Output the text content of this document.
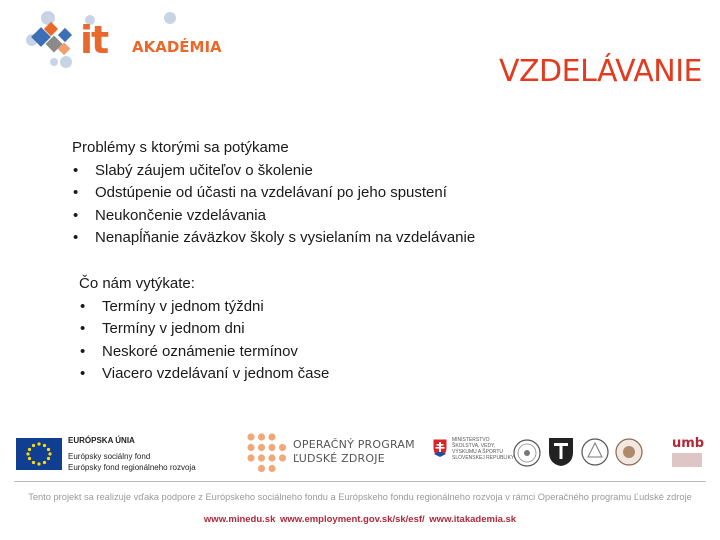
it AKADÉMIA
VZDELÁVANIE
Problémy s ktorými sa potýkame
• Slabý záujem učiteľov o školenie
• Odstúpenie od účasti na vzdelávaní po jeho spustení
• Neukončenie vzdelávania
• Nenapĺňanie záväzkov školy s vysielaním na vzdelávanie
Čo nám vytýkate:
• Termíny v jednom týždni
• Termíny v jednom dni
• Neskoré oznámenie termínov
• Viacero vzdelávaní v jednom čase
EURÓPSKA ÚNIA
Európsky sociálny fond
Európsky fond regionálneho rozvoja
OPERAČNÝ PROGRAM
ĽUDSKÉ ZDROJE
MINISTERSTVO
ŠKOLSTVA, VEDY,
VÝSKUMU A ŠPORTU
SLOVENSKEJ REPUBLIKY
umb
Tento projekt sa realizuje vďaka podpore z Európskeho sociálneho fondu a Európskeho fondu regionálneho rozvoja v rámci Operačného programu Ľudské zdroje
www.minedu.sk www.employment.gov.sk/sk/esf/ www.itakademia.sk
